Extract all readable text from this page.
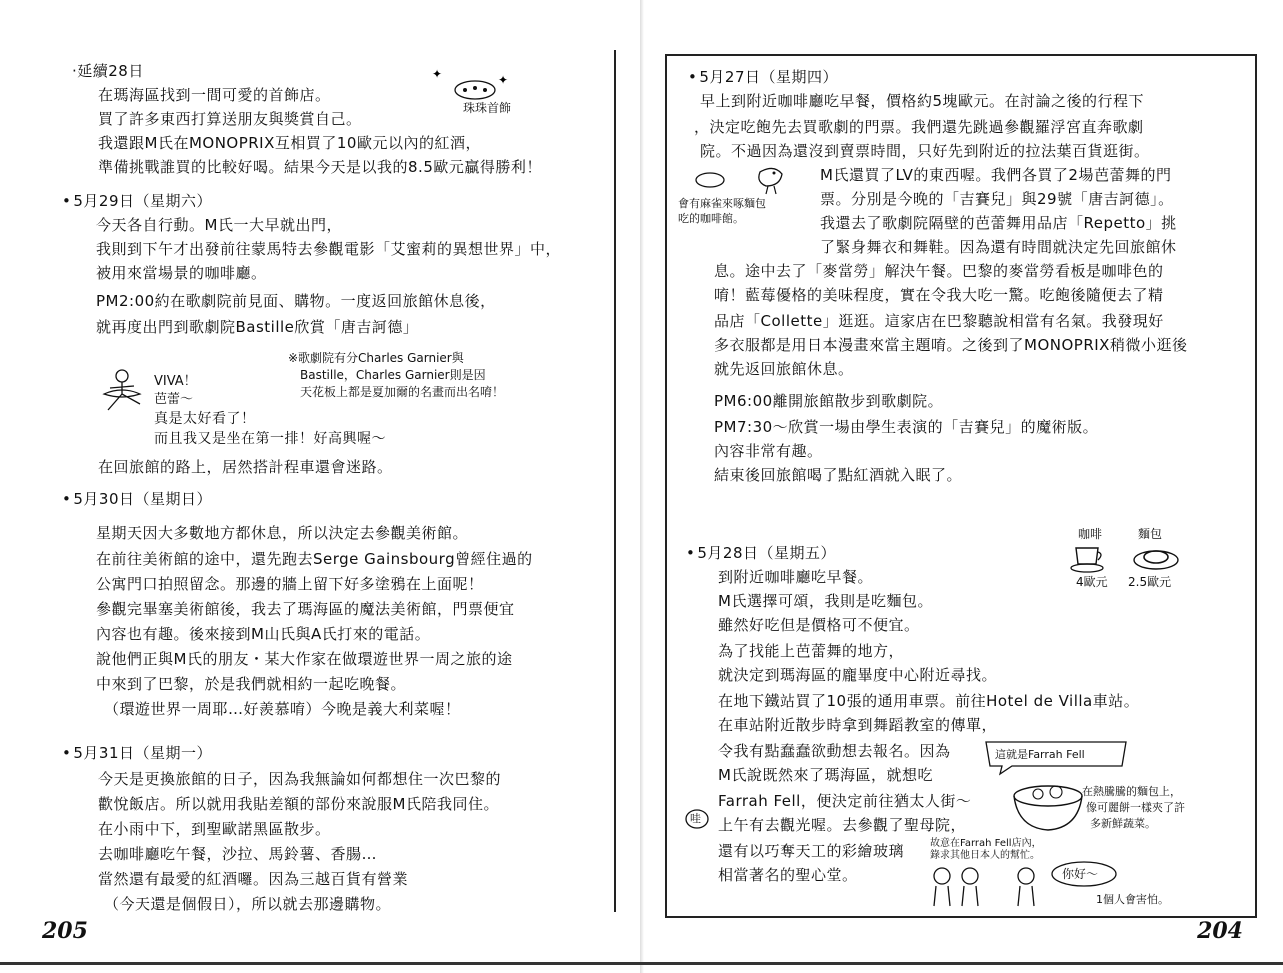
·延續28日
在瑪海區找到一間可愛的首飾店。
買了許多東西打算送朋友與獎賞自己。
我還跟M氏在MONOPRIX互相買了10歐元以內的紅酒，
準備挑戰誰買的比較好喝。結果今天是以我的8.5歐元贏得勝利！
✦	✦
珠珠首飾
• 5月29日（星期六）
今天各自行動。M氏一大早就出門，
我則到下午才出發前往蒙馬特去參觀電影「艾蜜莉的異想世界」中，
被用來當場景的咖啡廳。
PM2:00約在歌劇院前見面、購物。一度返回旅館休息後，
就再度出門到歌劇院Bastille欣賞「唐吉訶德」
※歌劇院有分Charles Garnier與
Bastille，Charles Garnier則是因
天花板上都是夏加爾的名畫而出名唷！
VIVA！
芭蕾～
真是太好看了！
而且我又是坐在第一排！好高興喔～
在回旅館的路上，居然搭計程車還會迷路。
• 5月30日（星期日）
星期天因大多數地方都休息，所以決定去參觀美術館。
在前往美術館的途中，還先跑去Serge Gainsbourg曾經住過的
公寓門口拍照留念。那邊的牆上留下好多塗鴉在上面呢！
參觀完畢塞美術館後，我去了瑪海區的魔法美術館，門票便宜
內容也有趣。後來接到M山氏與A氏打來的電話。
說他們正與M氏的朋友・某大作家在做環遊世界一周之旅的途
中來到了巴黎，於是我們就相約一起吃晚餐。
（環遊世界一周耶…好羨慕唷）今晚是義大利菜喔！
• 5月31日（星期一）
今天是更換旅館的日子，因為我無論如何都想住一次巴黎的
歡悅飯店。所以就用我貼差額的部份來說服M氏陪我同住。
在小雨中下，到聖歐諾黑區散步。
去咖啡廳吃午餐，沙拉、馬鈴薯、香腸…
當然還有最愛的紅酒囉。因為三越百貨有營業
（今天還是個假日），所以就去那邊購物。
205
• 5月27日（星期四）
早上到附近咖啡廳吃早餐，價格約5塊歐元。在討論之後的行程下
，決定吃飽先去買歌劇的門票。我們還先跳過參觀羅浮宮直奔歌劇
院。不過因為還沒到賣票時間，只好先到附近的拉法葉百貨逛街。
會有麻雀來啄麵包
吃的咖啡館。
M氏還買了LV的東西喔。我們各買了2場芭蕾舞的門
票。分別是今晚的「吉賽兒」與29號「唐吉訶德」。
我還去了歌劇院隔壁的芭蕾舞用品店「Repetto」挑
了緊身舞衣和舞鞋。因為還有時間就決定先回旅館休
息。途中去了「麥當勞」解決午餐。巴黎的麥當勞看板是咖啡色的
唷！藍莓優格的美味程度，實在令我大吃一驚。吃飽後隨便去了精
品店「Collette」逛逛。這家店在巴黎聽說相當有名氣。我發現好
多衣服都是用日本漫畫來當主題唷。之後到了MONOPRIX稍微小逛後
就先返回旅館休息。
PM6:00離開旅館散步到歌劇院。
PM7:30～欣賞一場由學生表演的「吉賽兒」的魔術版。
內容非常有趣。
結束後回旅館喝了點紅酒就入眠了。
咖啡	麵包
4歐元 2.5歐元
• 5月28日（星期五）
到附近咖啡廳吃早餐。
M氏選擇可頌，我則是吃麵包。
雖然好吃但是價格可不便宜。
為了找能上芭蕾舞的地方，
就決定到瑪海區的龐畢度中心附近尋找。
在地下鐵站買了10張的通用車票。前往Hotel de Villa車站。
在車站附近散步時拿到舞蹈教室的傳單，
令我有點蠢蠢欲動想去報名。因為
M氏說既然來了瑪海區，就想吃
Farrah Fell，便決定前往猶太人街～
這就是Farrah Fell
在熱騰騰的麵包上，
像可麗餅一樣夾了許
多新鮮蔬菜。
哇 上午有去觀光喔。去參觀了聖母院，
還有以巧奪天工的彩繪玻璃
相當著名的聖心堂。
故意在Farrah Fell店內，
錄求其他日本人的幫忙。
你好～
1個人會害怕。
204
